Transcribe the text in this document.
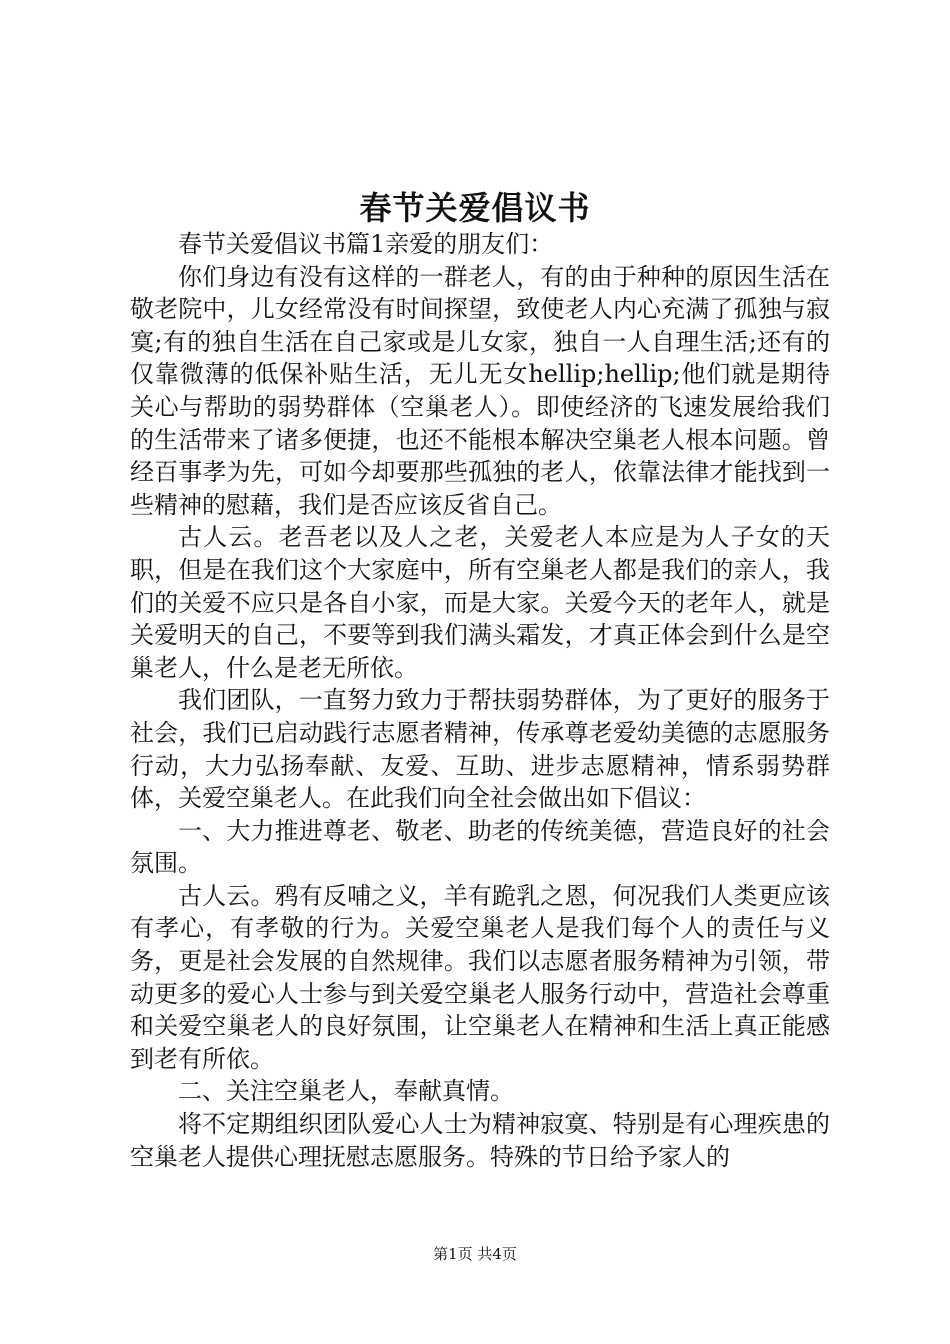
春节关爱倡议书

春节关爱倡议书篇1亲爱的朋友们：

你们身边有没有这样的一群老人，有的由于种种的原因生活在敬老院中，儿女经常没有时间探望，致使老人内心充满了孤独与寂寞;有的独自生活在自己家或是儿女家，独自一人自理生活;还有的仅靠微薄的低保补贴生活，无儿无女hellip;hellip;他们就是期待关心与帮助的弱势群体（空巢老人）。即使经济的飞速发展给我们的生活带来了诸多便捷，也还不能根本解决空巢老人根本问题。曾经百事孝为先，可如今却要那些孤独的老人，依靠法律才能找到一些精神的慰藉，我们是否应该反省自己。

古人云。老吾老以及人之老，关爱老人本应是为人子女的天职，但是在我们这个大家庭中，所有空巢老人都是我们的亲人，我们的关爱不应只是各自小家，而是大家。关爱今天的老年人，就是关爱明天的自己，不要等到我们满头霜发，才真正体会到什么是空巢老人，什么是老无所依。

我们团队，一直努力致力于帮扶弱势群体，为了更好的服务于社会，我们已启动践行志愿者精神，传承尊老爱幼美德的志愿服务行动，大力弘扬奉献、友爱、互助、进步志愿精神，情系弱势群体，关爱空巢老人。在此我们向全社会做出如下倡议：

一、大力推进尊老、敬老、助老的传统美德，营造良好的社会氛围。

古人云。鸦有反哺之义，羊有跪乳之恩，何况我们人类更应该有孝心，有孝敬的行为。关爱空巢老人是我们每个人的责任与义务，更是社会发展的自然规律。我们以志愿者服务精神为引领，带动更多的爱心人士参与到关爱空巢老人服务行动中，营造社会尊重和关爱空巢老人的良好氛围，让空巢老人在精神和生活上真正能感到老有所依。

二、关注空巢老人，奉献真情。

将不定期组织团队爱心人士为精神寂寞、特别是有心理疾患的空巢老人提供心理抚慰志愿服务。特殊的节日给予家人的

第1页 共4页
